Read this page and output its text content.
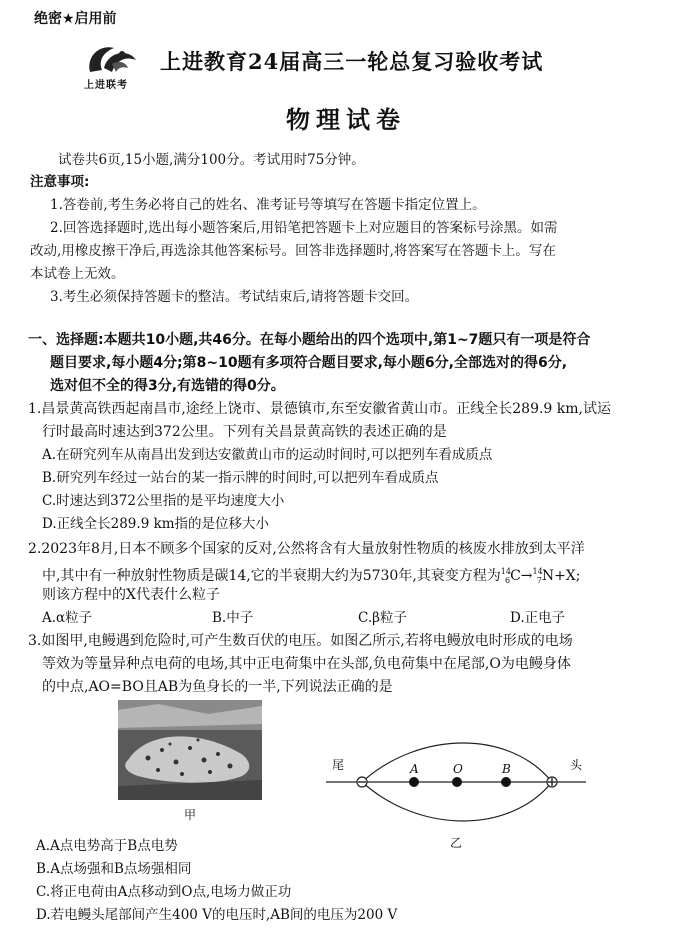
绝密★启用前
上进联考
上进教育24届高三一轮总复习验收考试
物理试卷
试卷共6页,15小题,满分100分。考试用时75分钟。
注意事项:
1.答卷前,考生务必将自己的姓名、准考证号等填写在答题卡指定位置上。
2.回答选择题时,选出每小题答案后,用铅笔把答题卡上对应题目的答案标号涂黑。如需
改动,用橡皮擦干净后,再选涂其他答案标号。回答非选择题时,将答案写在答题卡上。写在
本试卷上无效。
3.考生必须保持答题卡的整洁。考试结束后,请将答题卡交回。
一、选择题:本题共10小题,共46分。在每小题给出的四个选项中,第1~7题只有一项是符合
题目要求,每小题4分;第8~10题有多项符合题目要求,每小题6分,全部选对的得6分,
选对但不全的得3分,有选错的得0分。
1.昌景黄高铁西起南昌市,途经上饶市、景德镇市,东至安徽省黄山市。正线全长289.9 km,试运
行时最高时速达到372公里。下列有关昌景黄高铁的表述正确的是
A.在研究列车从南昌出发到达安徽黄山市的运动时间时,可以把列车看成质点
B.研究列车经过一站台的某一指示牌的时间时,可以把列车看成质点
C.时速达到372公里指的是平均速度大小
D.正线全长289.9 km指的是位移大小
2.2023年8月,日本不顾多个国家的反对,公然将含有大量放射性物质的核废水排放到太平洋
中,其中有一种放射性物质是碳14,它的半衰期大约为5730年,其衰变方程为$^{14}_6$C→$^{14}_7$N+X;
则该方程中的X代表什么粒子
A.α粒子	B.中子	C.β粒子	D.正电子
3.如图甲,电鳗遇到危险时,可产生数百伏的电压。如图乙所示,若将电鳗放电时形成的电场
等效为等量异种点电荷的电场,其中正电荷集中在头部,负电荷集中在尾部,O为电鳗身体
的中点,AO=BO且AB为鱼身长的一半,下列说法正确的是
甲
尾	头
A	O	B
乙
A.A点电势高于B点电势
B.A点场强和B点场强相同
C.将正电荷由A点移动到O点,电场力做正功
D.若电鳗头尾部间产生400 V的电压时,AB间的电压为200 V
